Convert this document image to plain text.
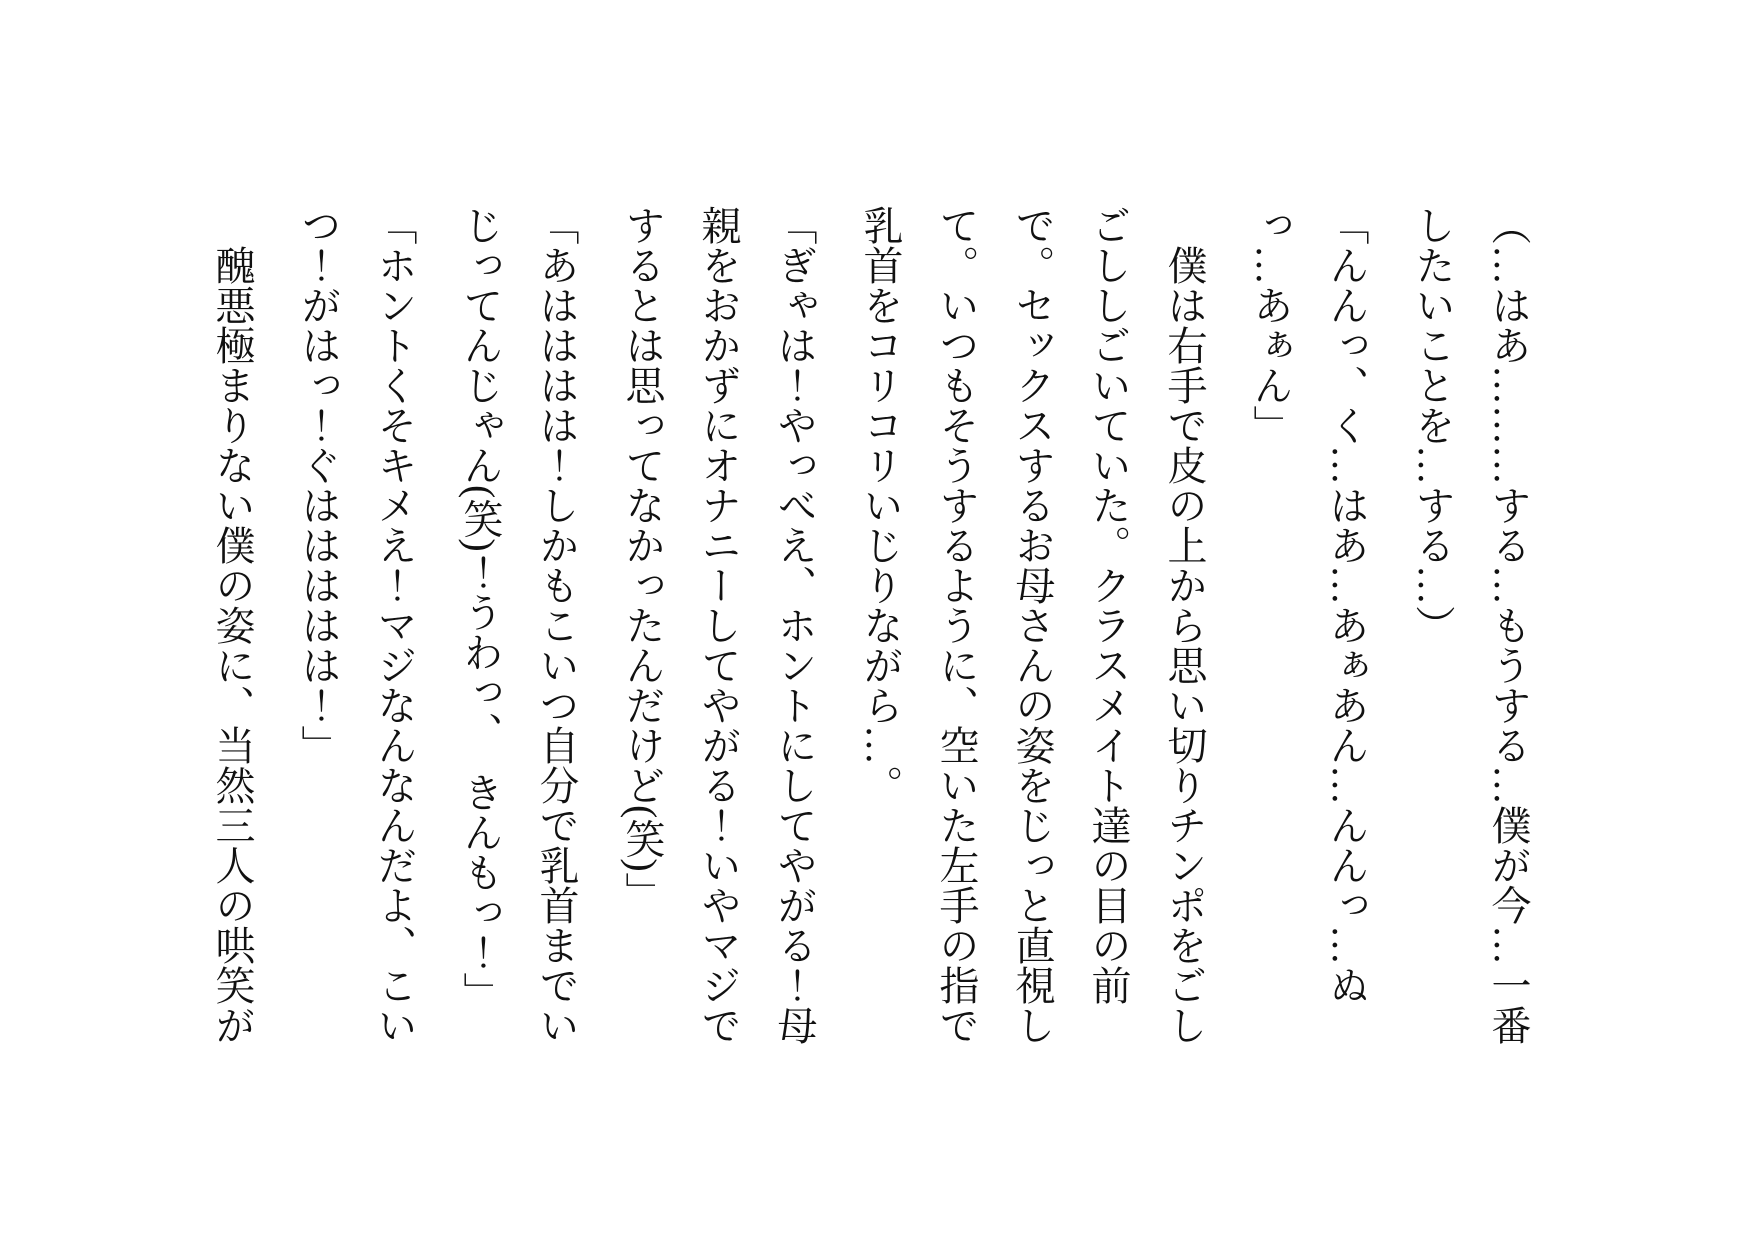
（…はあ………する…もうする…僕が今…一番したいことを…する…）

「んんっ、く…はあ…あぁあん…んんっ…ぬっ…あぁん」

　僕は右手で皮の上から思い切りチンポをごしごししごいていた。クラスメイト達の目の前で。セックスするお母さんの姿をじっと直視して。いつもそうするように、空いた左手の指で乳首をコリコリいじりながら…。

「ぎゃは！やっべえ、ホントにしてやがる！母親をおかずにオナニーしてやがる！いやマジでするとは思ってなかったんだけど(笑)」

「あはははは！しかもこいつ自分で乳首までいじってんじゃん(笑)！うわっ、　きんもっ！」

「ホントくそキメえ！マジなんなんだよ、こいつ！がはっ！ぐははははは！」

　醜悪極まりない僕の姿に、当然三人の哄笑が
